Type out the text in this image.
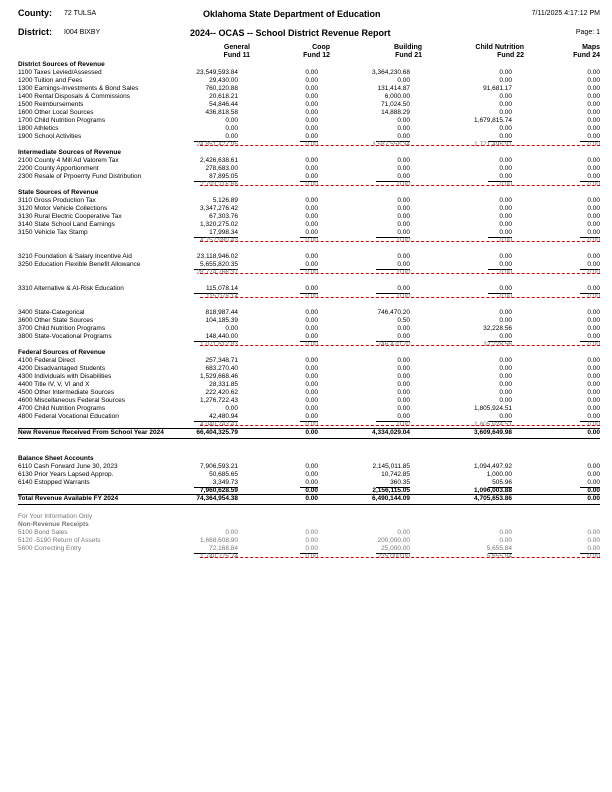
County: 72 TULSA
District: I004 BIXBY
Oklahoma State Department of Education
2024-- OCAS -- School District Revenue Report
7/11/2025 4:17:12 PM
Page: 1
General
Fund 11
Coop
Fund 12
Building
Fund 21
Child Nutrition
Fund 22
Maps
Fund 24
District Sources of Revenue
1100 Taxes Levied/Assessed	23,549,593.84	0.00	3,364,230.68	0.00	0.00
1200 Tuition and Fees	29,430.00	0.00	0.00	0.00	0.00
1300 Earnings-Investments & Bond Sales	760,120.88	0.00	131,414.87	91,681.17	0.00
1400 Rental Disposals & Commissions	20,618.21	0.00	6,000.00	0.00	0.00
1500 Reimbursements	54,846.44	0.00	71,024.50	0.00	0.00
1600 Other Local Sources	436,818.58	0.00	14,888.29	0.00	0.00
1700 Child Nutrition Programs	0.00	0.00	0.00	1,679,815.74	0.00
1800 Athletics	0.00	0.00	0.00	0.00	0.00
1900 School Activities	0.00	0.00	0.00	0.00	0.00
24,851,427.95	0.00	3,587,558.34	1,771,496.91	0.00
Intermediate Sources of Revenue
2100 County 4 Mill Ad Valorem Tax	2,426,638.61	0.00	0.00	0.00	0.00
2200 County Apportionment	278,683.00	0.00	0.00	0.00	0.00
2300 Resale of Prpoerrty Fund Distribution	87,895.05	0.00	0.00	0.00	0.00
2,793,216.66	0.00	0.00	0.00	0.00
State Sources of Revenue
3110 Gross Production Tax	5,126.89	0.00	0.00	0.00	0.00
3120 Motor Vehicle Collections	3,347,276.42	0.00	0.00	0.00	0.00
3130 Rural Electric Cooperative Tax	67,303.76	0.00	0.00	0.00	0.00
3140 State School Land Earnings	1,320,275.02	0.00	0.00	0.00	0.00
3150 Vehicle Tax Stamp	17,998.34	0.00	0.00	0.00	0.00
4,757,980.43	0.00	0.00	0.00	0.00
3210 Foundation & Salary Incentive Aid	23,118,946.02	0.00	0.00	0.00	0.00
3250 Education Flexible Benefit Allowance	5,655,820.35	0.00	0.00	0.00	0.00
28,774,766.37	0.00	0.00	0.00	0.00
3310 Alternative & At-Risk Education	115,078.14	0.00	0.00	0.00	0.00
115,078.14	0.00	0.00	0.00	0.00
3400 State-Categorical	818,987.44	0.00	746,470.20	0.00	0.00
3600 Other State Sources	104,185.39	0.00	0.50	0.00	0.00
3700 Child Nutrition Programs	0.00	0.00	0.00	32,228.56	0.00
3800 State-Vocational Programs	148,440.00	0.00	0.00	0.00	0.00
1,071,612.83	0.00	746,470.70	32,228.56	0.00
Federal Sources of Revenue
4100 Federal Direct	257,348.71	0.00	0.00	0.00	0.00
4200 Disadvantaged Students	683,270.40	0.00	0.00	0.00	0.00
4300 Individuals with Disabilities	1,529,668.46	0.00	0.00	0.00	0.00
4400 Title IV, V, VI and X	28,331.85	0.00	0.00	0.00	0.00
4500 Other Intermediate Sources	222,420.62	0.00	0.00	0.00	0.00
4600 Miscellaneous Federal Sources	1,276,722.43	0.00	0.00	0.00	0.00
4700 Child Nutrition Programs	0.00	0.00	0.00	1,805,924.51	0.00
4800 Federal Vocational Education	42,480.94	0.00	0.00	0.00	0.00
4,040,243.41	0.00	0.00	1,805,924.51	0.00
New Revenue Received From School Year 2024	66,404,325.79	0.00	4,334,029.04	3,609,649.98	0.00
Balance Sheet Accounts
6110 Cash Forward June 30, 2023	7,906,593.21	0.00	2,145,011.85	1,094,497.92	0.00
6130 Prior Years Lapsed Approp.	50,685.65	0.00	10,742.85	1,000.00	0.00
6140 Estopped Warrants	3,349.73	0.00	360.35	505.96	0.00
7,960,628.59	0.00	2,156,115.05	1,096,003.88	0.00
Total Revenue Available FY 2024	74,364,954.38	0.00	6,490,144.09	4,705,653.86	0.00
For Your Information Only
Non-Revenue Receipts
5100 Bond Sales	0.00	0.00	0.00	0.00	0.00
5120 -5190 Return of Assets	1,668,608.90	0.00	200,000.00	0.00	0.00
5600 Correcting Entry	72,168.84	0.00	25,000.00	5,655.84	0.00
1,740,775.74	0.00	225,000.00	5,655.84	0.00
